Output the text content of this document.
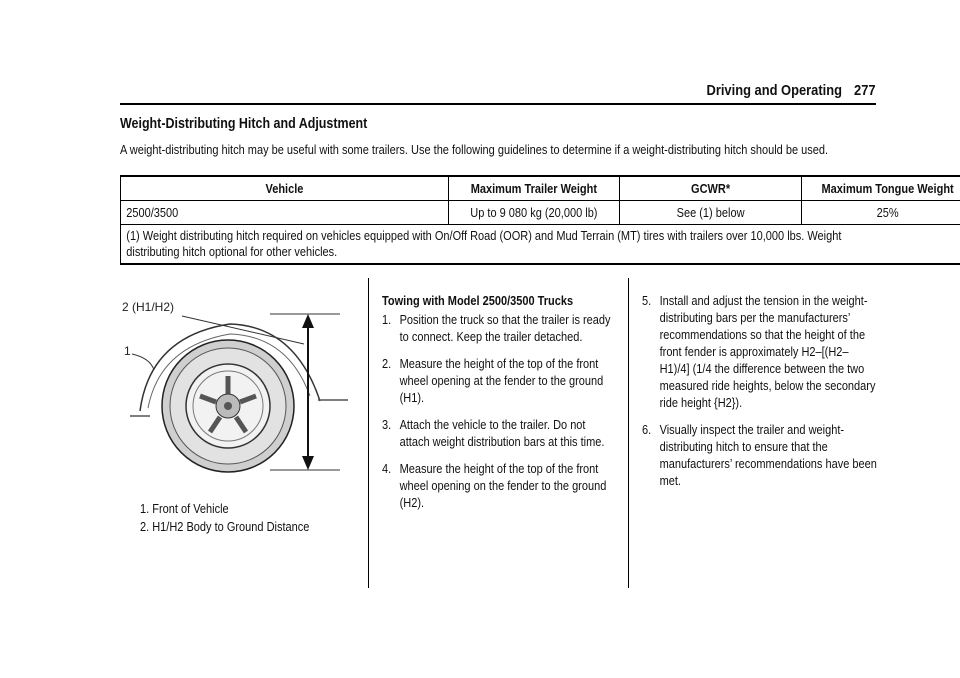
Driving and Operating 277
Weight-Distributing Hitch and Adjustment
A weight-distributing hitch may be useful with some trailers. Use the following guidelines to determine if a weight-distributing hitch should be used.
Vehicle	Maximum Trailer Weight	GCWR*	Maximum Tongue Weight

2500/3500	Up to 9 080 kg (20,000 lb)	See (1) below	25%

(1) Weight distributing hitch required on vehicles equipped with On/Off Road (OOR) and Mud Terrain (MT) tires with trailers over 10,000 lbs. Weight distributing hitch optional for other vehicles.			
2 (H1/H2)
1
1. Front of Vehicle
2. H1/H2 Body to Ground Distance
Towing with Model 2500/3500 Trucks
1. Position the truck so that the trailer is ready to connect. Keep the trailer detached.
2. Measure the height of the top of the front wheel opening at the fender to the ground (H1).
3. Attach the vehicle to the trailer. Do not attach weight distribution bars at this time.
4. Measure the height of the top of the front wheel opening on the fender to the ground (H2).
5. Install and adjust the tension in the weight-distributing bars per the manufacturers’ recommendations so that the height of the front fender is approximately H2–[(H2–H1)/4] (1/4 the difference between the two measured ride heights, below the secondary ride height {H2}).
6. Visually inspect the trailer and weight-distributing hitch to ensure that the manufacturers’ recommendations have been met.
